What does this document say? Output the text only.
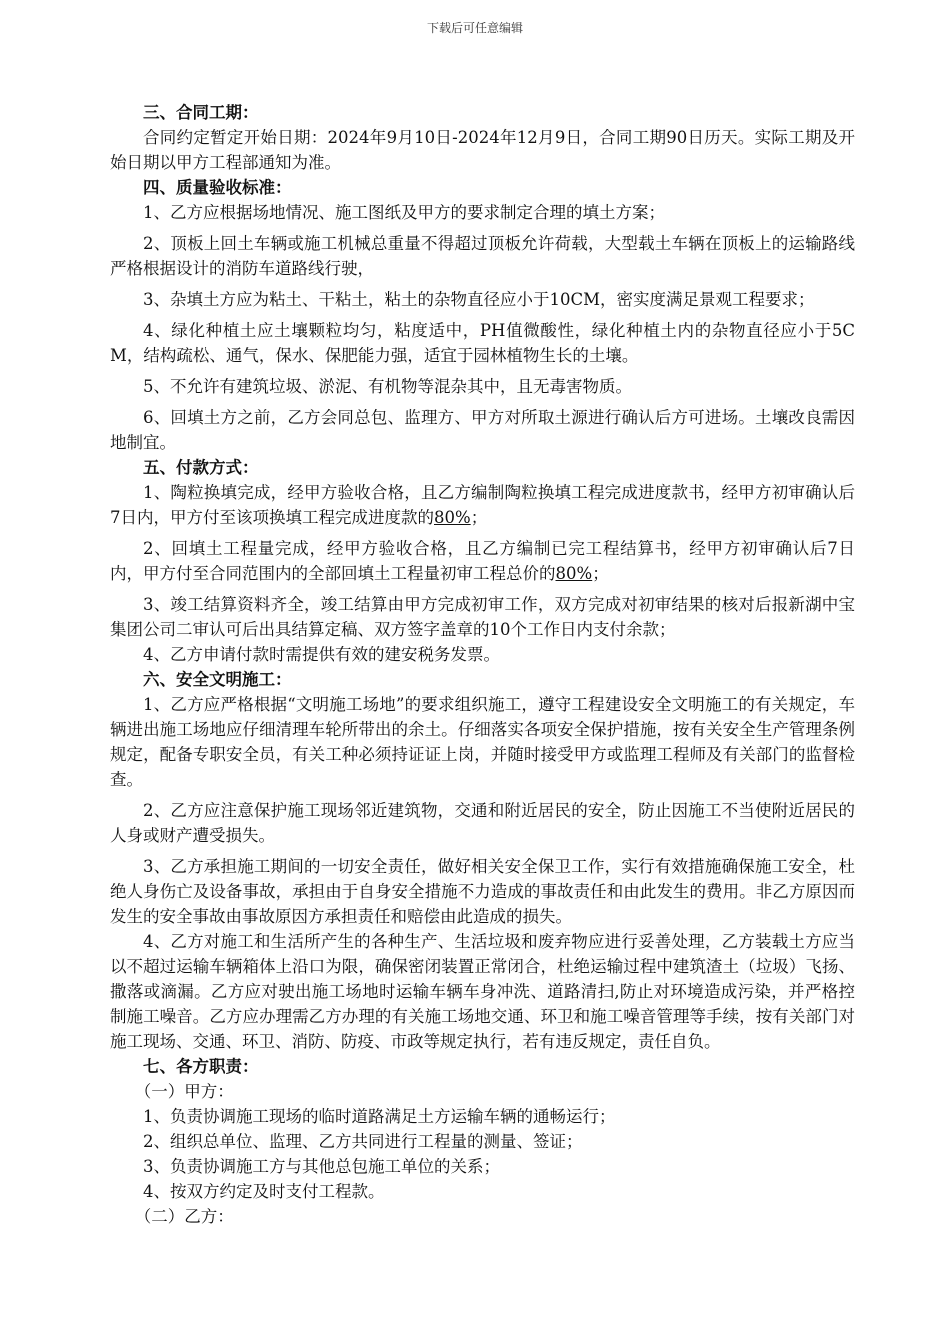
下载后可任意编辑

三、合同工期：

合同约定暂定开始日期：2024年9月10日-2024年12月9日，合同工期90日历天。实际工期及开始日期以甲方工程部通知为准。

四、质量验收标准：

1、乙方应根据场地情况、施工图纸及甲方的要求制定合理的填土方案；

2、顶板上回土车辆或施工机械总重量不得超过顶板允许荷载，大型载土车辆在顶板上的运输路线严格根据设计的消防车道路线行驶，

3、杂填土方应为粘土、干粘土，粘土的杂物直径应小于10CM，密实度满足景观工程要求；

4、绿化种植土应土壤颗粒均匀，粘度适中，PH值微酸性，绿化种植土内的杂物直径应小于5CM，结构疏松、通气，保水、保肥能力强，适宜于园林植物生长的土壤。

5、不允许有建筑垃圾、淤泥、有机物等混杂其中，且无毒害物质。

6、回填土方之前，乙方会同总包、监理方、甲方对所取土源进行确认后方可进场。土壤改良需因地制宜。

五、付款方式：

1、陶粒换填完成，经甲方验收合格，且乙方编制陶粒换填工程完成进度款书，经甲方初审确认后7日内，甲方付至该项换填工程完成进度款的80%；

2、回填土工程量完成，经甲方验收合格，且乙方编制已完工程结算书，经甲方初审确认后7日内，甲方付至合同范围内的全部回填土工程量初审工程总价的80%；

3、竣工结算资料齐全，竣工结算由甲方完成初审工作，双方完成对初审结果的核对后报新湖中宝集团公司二审认可后出具结算定稿、双方签字盖章的10个工作日内支付余款；

4、乙方申请付款时需提供有效的建安税务发票。

六、安全文明施工：

1、乙方应严格根据“文明施工场地”的要求组织施工，遵守工程建设安全文明施工的有关规定，车辆进出施工场地应仔细清理车轮所带出的余土。仔细落实各项安全保护措施，按有关安全生产管理条例规定，配备专职安全员，有关工种必须持证证上岗，并随时接受甲方或监理工程师及有关部门的监督检查。

2、乙方应注意保护施工现场邻近建筑物，交通和附近居民的安全，防止因施工不当使附近居民的人身或财产遭受损失。

3、乙方承担施工期间的一切安全责任，做好相关安全保卫工作，实行有效措施确保施工安全，杜绝人身伤亡及设备事故，承担由于自身安全措施不力造成的事故责任和由此发生的费用。非乙方原因而发生的安全事故由事故原因方承担责任和赔偿由此造成的损失。

4、乙方对施工和生活所产生的各种生产、生活垃圾和废弃物应进行妥善处理，乙方装载土方应当以不超过运输车辆箱体上沿口为限，确保密闭装置正常闭合，杜绝运输过程中建筑渣土（垃圾）飞扬、撒落或滴漏。乙方应对驶出施工场地时运输车辆车身冲洗、道路清扫,防止对环境造成污染，并严格控制施工噪音。乙方应办理需乙方办理的有关施工场地交通、环卫和施工噪音管理等手续，按有关部门对施工现场、交通、环卫、消防、防疫、市政等规定执行，若有违反规定，责任自负。

七、各方职责：

（一）甲方：

1、负责协调施工现场的临时道路满足土方运输车辆的通畅运行；

2、组织总单位、监理、乙方共同进行工程量的测量、签证；

3、负责协调施工方与其他总包施工单位的关系；

4、按双方约定及时支付工程款。

（二）乙方：
